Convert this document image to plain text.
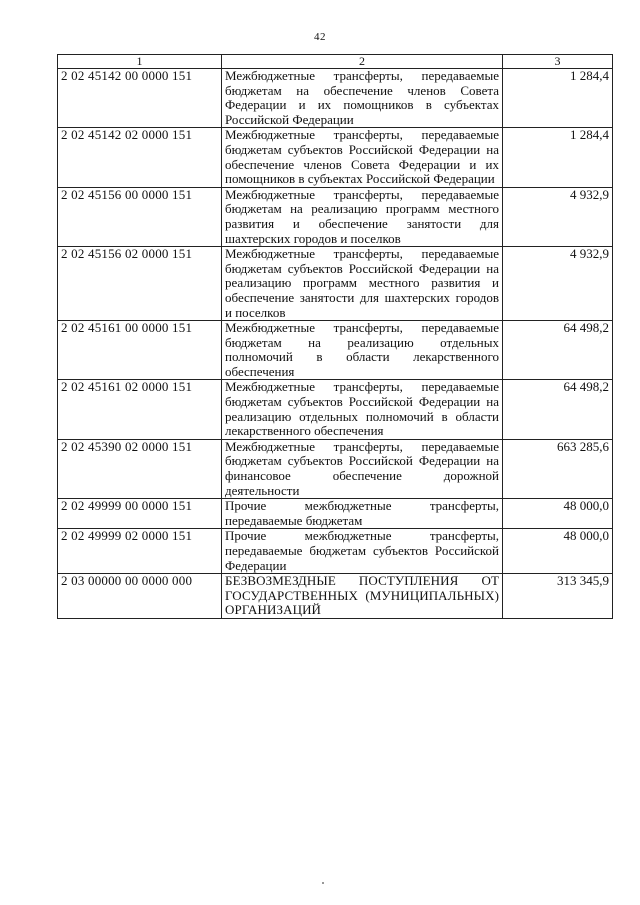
42
1	2	3
2 02 45142 00 0000 151	Межбюджетные трансферты, передаваемые бюджетам на обеспечение членов Совета Федерации и их помощников в субъектах Российской Федерации	1 284,4
2 02 45142 02 0000 151	Межбюджетные трансферты, передаваемые бюджетам субъектов Российской Федерации на обеспечение членов Совета Федерации и их помощников в субъектах Российской Федерации	1 284,4
2 02 45156 00 0000 151	Межбюджетные трансферты, передаваемые бюджетам на реализацию программ местного развития и обеспечение занятости для шахтерских городов и поселков	4 932,9
2 02 45156 02 0000 151	Межбюджетные трансферты, передаваемые бюджетам субъектов Российской Федерации на реализацию программ местного развития и обеспечение занятости для шахтерских городов и поселков	4 932,9
2 02 45161 00 0000 151	Межбюджетные трансферты, передаваемые бюджетам на реализацию отдельных полномочий в области лекарственного обеспечения	64 498,2
2 02 45161 02 0000 151	Межбюджетные трансферты, передаваемые бюджетам субъектов Российской Федерации на реализацию отдельных полномочий в области лекарственного обеспечения	64 498,2
2 02 45390 02 0000 151	Межбюджетные трансферты, передаваемые бюджетам субъектов Российской Федерации на финансовое обеспечение дорожной деятельности	663 285,6
2 02 49999 00 0000 151	Прочие межбюджетные трансферты, передаваемые бюджетам	48 000,0
2 02 49999 02 0000 151	Прочие межбюджетные трансферты, передаваемые бюджетам субъектов Российской Федерации	48 000,0
2 03 00000 00 0000 000	БЕЗВОЗМЕЗДНЫЕ ПОСТУПЛЕНИЯ ОТ ГОСУДАРСТВЕННЫХ (МУНИЦИПАЛЬНЫХ) ОРГАНИЗАЦИЙ	313 345,9
